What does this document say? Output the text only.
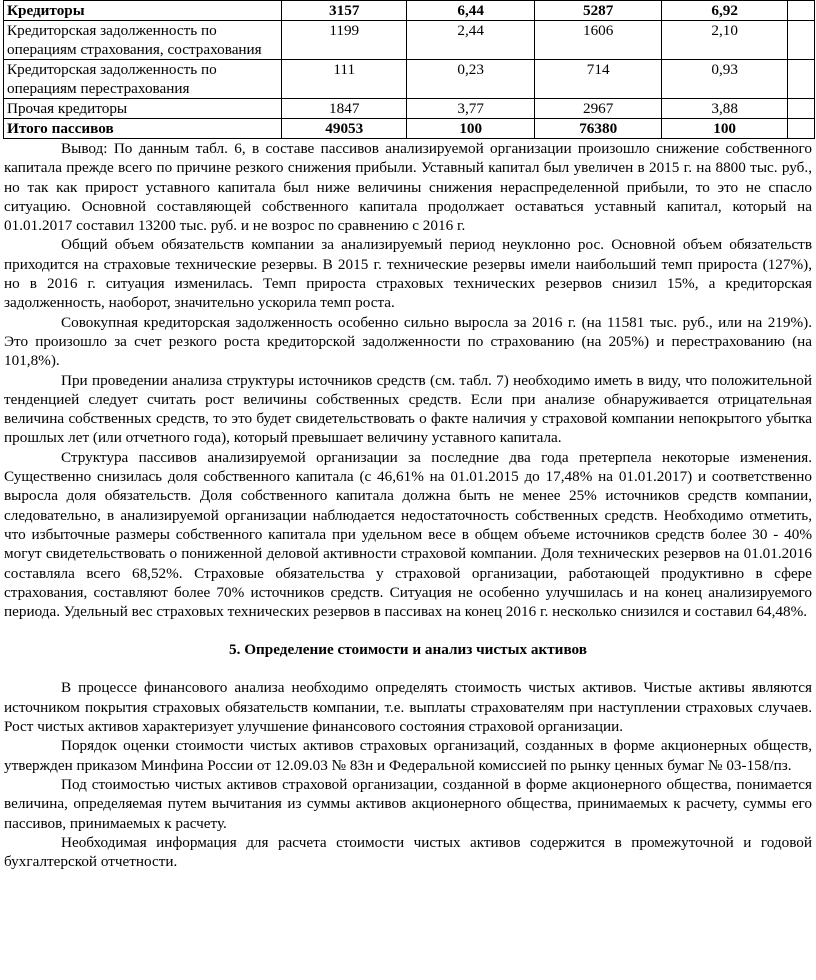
Кредиторы	3157	6,44	5287	6,92	
Кредиторская задолженность по операциям страхования, сострахования	1199	2,44	1606	2,10	
Кредиторская задолженность по операциям перестрахования	111	0,23	714	0,93	
Прочая кредиторы	1847	3,77	2967	3,88	
Итого пассивов	49053	100	76380	100	

Вывод: По данным табл. 6, в составе пассивов анализируемой организации произошло снижение собственного капитала прежде всего по причине резкого снижения прибыли. Уставный капитал был увеличен в 2015 г. на 8800 тыс. руб., но так как прирост уставного капитала был ниже величины снижения нераспределенной прибыли, то это не спасло ситуацию. Основной составляющей собственного капитала продолжает оставаться уставный капитал, который на 01.01.2017 составил 13200 тыс. руб. и не возрос по сравнению с 2016 г.

Общий объем обязательств компании за анализируемый период неуклонно рос. Основной объем обязательств приходится на страховые технические резервы. В 2015 г. технические резервы имели наибольший темп прироста (127%), но в 2016 г. ситуация изменилась. Темп прироста страховых технических резервов снизил 15%, а кредиторская задолженность, наоборот, значительно ускорила темп роста.

Совокупная кредиторская задолженность особенно сильно выросла за 2016 г. (на 11581 тыс. руб., или на 219%). Это произошло за счет резкого роста кредиторской задолженности по страхованию (на 205%) и перестрахованию (на 101,8%).

При проведении анализа структуры источников средств (см. табл. 7) необходимо иметь в виду, что положительной тенденцией следует считать рост величины собственных средств. Если при анализе обнаруживается отрицательная величина собственных средств, то это будет свидетельствовать о факте наличия у страховой компании непокрытого убытка прошлых лет (или отчетного года), который превышает величину уставного капитала.

Структура пассивов анализируемой организации за последние два года претерпела некоторые изменения. Существенно снизилась доля собственного капитала (с 46,61% на 01.01.2015 до 17,48% на 01.01.2017) и соответственно выросла доля обязательств. Доля собственного капитала должна быть не менее 25% источников средств компании, следовательно, в анализируемой организации наблюдается недостаточность собственных средств. Необходимо отметить, что избыточные размеры собственного капитала при удельном весе в общем объеме источников средств более 30 - 40% могут свидетельствовать о пониженной деловой активности страховой компании. Доля технических резервов на 01.01.2016 составляла всего 68,52%. Страховые обязательства у страховой организации, работающей продуктивно в сфере страхования, составляют более 70% источников средств. Ситуация не особенно улучшилась и на конец анализируемого периода. Удельный вес страховых технических резервов в пассивах на конец 2016 г. несколько снизился и составил 64,48%.

5. Определение стоимости и анализ чистых активов

В процессе финансового анализа необходимо определять стоимость чистых активов. Чистые активы являются источником покрытия страховых обязательств компании, т.е. выплаты страхователям при наступлении страховых случаев. Рост чистых активов характеризует улучшение финансового состояния страховой организации.

Порядок оценки стоимости чистых активов страховых организаций, созданных в форме акционерных обществ, утвержден приказом Минфина России от 12.09.03 № 83н и Федеральной комиссией по рынку ценных бумаг № 03-158/пз.

Под стоимостью чистых активов страховой организации, созданной в форме акционерного общества, понимается величина, определяемая путем вычитания из суммы активов акционерного общества, принимаемых к расчету, суммы его пассивов, принимаемых к расчету.

Необходимая информация для расчета стоимости чистых активов содержится в промежуточной и годовой бухгалтерской отчетности.
